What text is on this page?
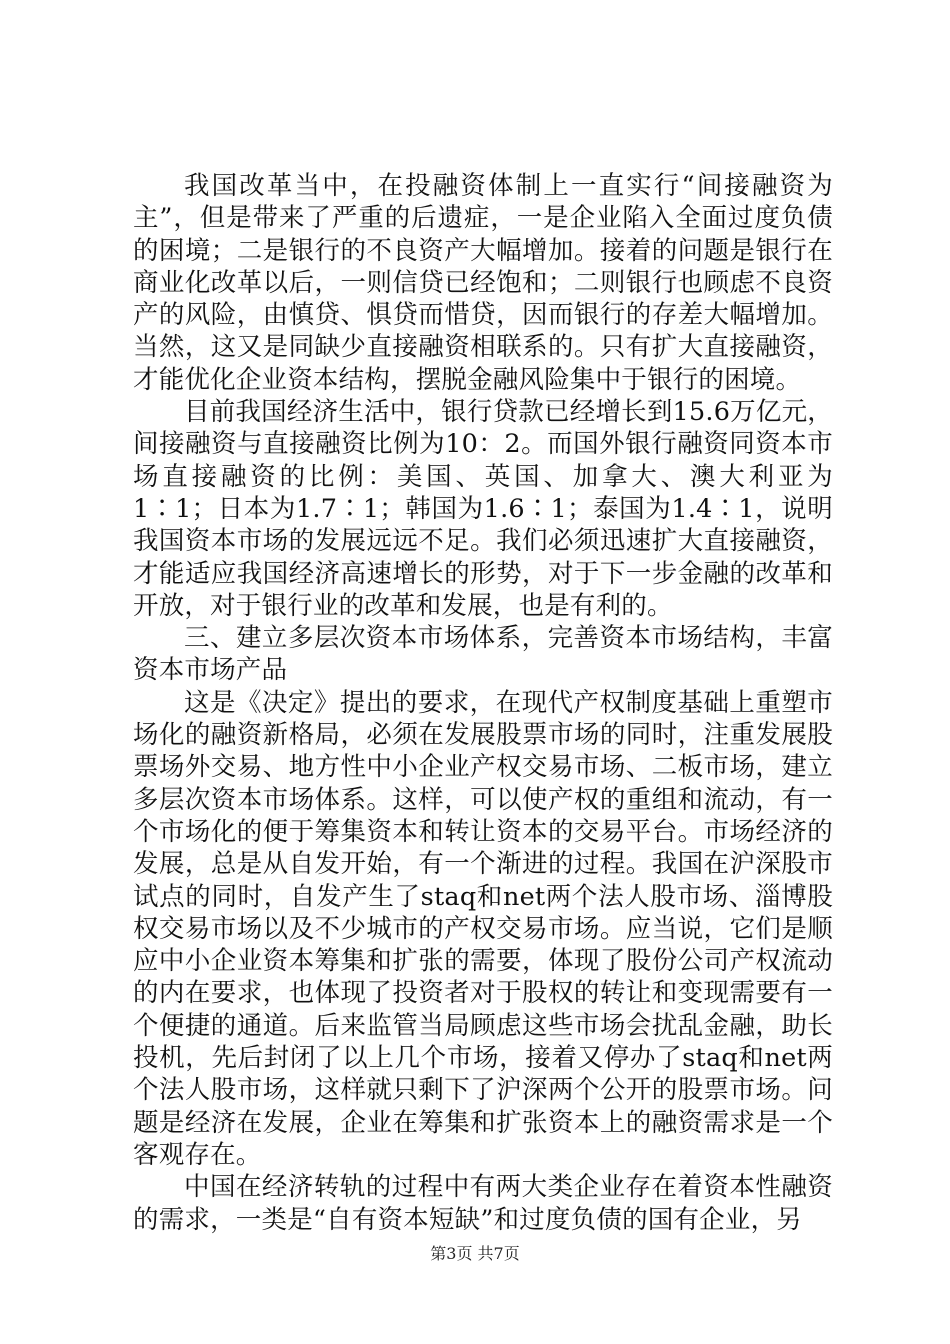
我国改革当中，在投融资体制上一直实行“间接融资为主”，但是带来了严重的后遗症，一是企业陷入全面过度负债的困境；二是银行的不良资产大幅增加。接着的问题是银行在商业化改革以后，一则信贷已经饱和；二则银行也顾虑不良资产的风险，由慎贷、惧贷而惜贷，因而银行的存差大幅增加。当然，这又是同缺少直接融资相联系的。只有扩大直接融资，才能优化企业资本结构，摆脱金融风险集中于银行的困境。

目前我国经济生活中，银行贷款已经增长到15.6万亿元，间接融资与直接融资比例为10：2。而国外银行融资同资本市场直接融资的比例：美国、英国、加拿大、澳大利亚为1∶1；日本为1.7∶1；韩国为1.6∶1；泰国为1.4∶1，说明我国资本市场的发展远远不足。我们必须迅速扩大直接融资，才能适应我国经济高速增长的形势，对于下一步金融的改革和开放，对于银行业的改革和发展，也是有利的。

三、建立多层次资本市场体系，完善资本市场结构，丰富资本市场产品

这是《决定》提出的要求，在现代产权制度基础上重塑市场化的融资新格局，必须在发展股票市场的同时，注重发展股票场外交易、地方性中小企业产权交易市场、二板市场，建立多层次资本市场体系。这样，可以使产权的重组和流动，有一个市场化的便于筹集资本和转让资本的交易平台。市场经济的发展，总是从自发开始，有一个渐进的过程。我国在沪深股市试点的同时，自发产生了staq和net两个法人股市场、淄博股权交易市场以及不少城市的产权交易市场。应当说，它们是顺应中小企业资本筹集和扩张的需要，体现了股份公司产权流动的内在要求，也体现了投资者对于股权的转让和变现需要有一个便捷的通道。后来监管当局顾虑这些市场会扰乱金融，助长投机，先后封闭了以上几个市场，接着又停办了staq和net两个法人股市场，这样就只剩下了沪深两个公开的股票市场。问题是经济在发展，企业在筹集和扩张资本上的融资需求是一个客观存在。

中国在经济转轨的过程中有两大类企业存在着资本性融资的需求，一类是“自有资本短缺”和过度负债的国有企业，另

第3页 共7页
